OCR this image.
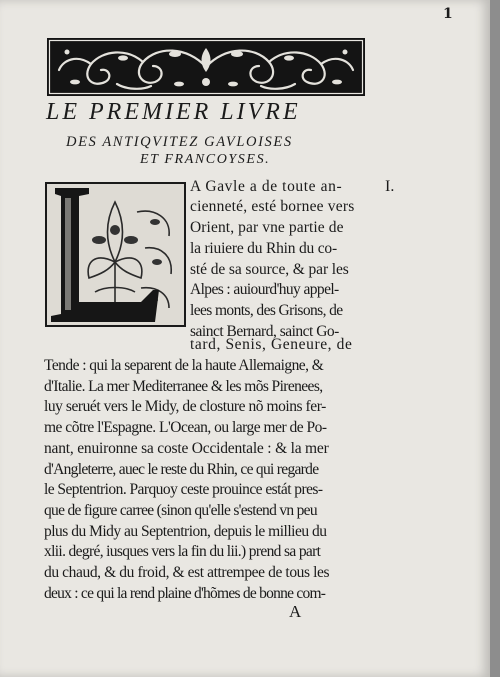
1
LE PREMIER LIVRE
DES ANTIQVITEZ GAVLOISES
ET FRANCOYSES.
I.
A Gavle a de toute an-
cienneté, esté bornee vers
Orient, par vne partie de
la riuiere du Rhin du co-
sté de sa source, & par les
Alpes : auiourd'huy appel-
lees monts, des Grisons, de
sainct Bernard, sainct Go-
tard, Senis, Geneure, de
Tende : qui la separent de la haute Allemaigne, &
d'Italie. La mer Mediterranee & les mõs Pirenees,
luy seruét vers le Midy, de closture nõ moins fer-
me cõtre l'Espagne. L'Ocean, ou large mer de Po-
nant, enuironne sa coste Occidentale : & la mer
d'Angleterre, auec le reste du Rhin, ce qui regarde
le Septentrion. Parquoy ceste prouince estát pres-
que de figure carree (sinon qu'elle s'estend vn peu
plus du Midy au Septentrion, depuis le millieu du
xlii. degré, iusques vers la fin du lii.) prend sa part
du chaud, & du froid, & est attrempee de tous les
deux : ce qui la rend plaine d'hõmes de bonne com-
A
